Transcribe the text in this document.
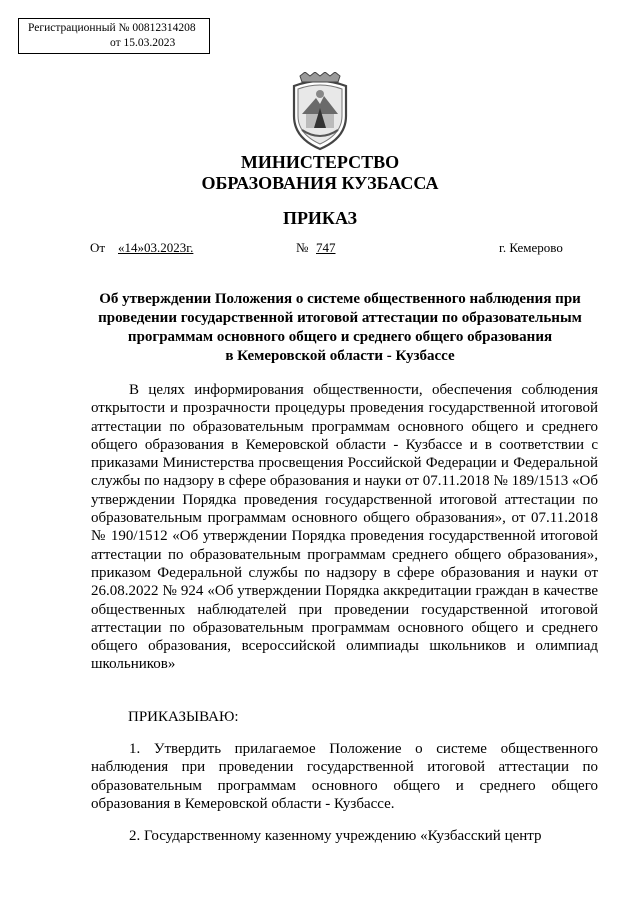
Регистрационный № 00812314208
от 15.03.2023
МИНИСТЕРСТВО
ОБРАЗОВАНИЯ КУЗБАССА
ПРИКАЗ
От «14»03.2023г.	№ 747	г. Кемерово
Об утверждении Положения о системе общественного наблюдения при
проведении государственной итоговой аттестации по образовательным
программам основного общего и среднего общего образования
в Кемеровской области - Кузбассе

В целях информирования общественности, обеспечения соблюдения открытости и прозрачности процедуры проведения государственной итоговой аттестации по образовательным программам основного общего и среднего общего образования в Кемеровской области - Кузбассе и в соответствии с приказами Министерства просвещения Российской Федерации и Федеральной службы по надзору в сфере образования и науки от 07.11.2018 № 189/1513 «Об утверждении Порядка проведения государственной итоговой аттестации по образовательным программам основного общего образования», от 07.11.2018 № 190/1512 «Об утверждении Порядка проведения государственной итоговой аттестации по образовательным программам среднего общего образования», приказом Федеральной службы по надзору в сфере образования и науки от 26.08.2022 № 924 «Об утверждении Порядка аккредитации граждан в качестве общественных наблюдателей при проведении государственной итоговой аттестации по образовательным программам основного общего и среднего общего образования, всероссийской олимпиады школьников и олимпиад школьников»

ПРИКАЗЫВАЮ:

1. Утвердить прилагаемое Положение о системе общественного наблюдения при проведении государственной итоговой аттестации по образовательным программам основного общего и среднего общего образования в Кемеровской области - Кузбассе.

2. Государственному казенному учреждению «Кузбасский центр
